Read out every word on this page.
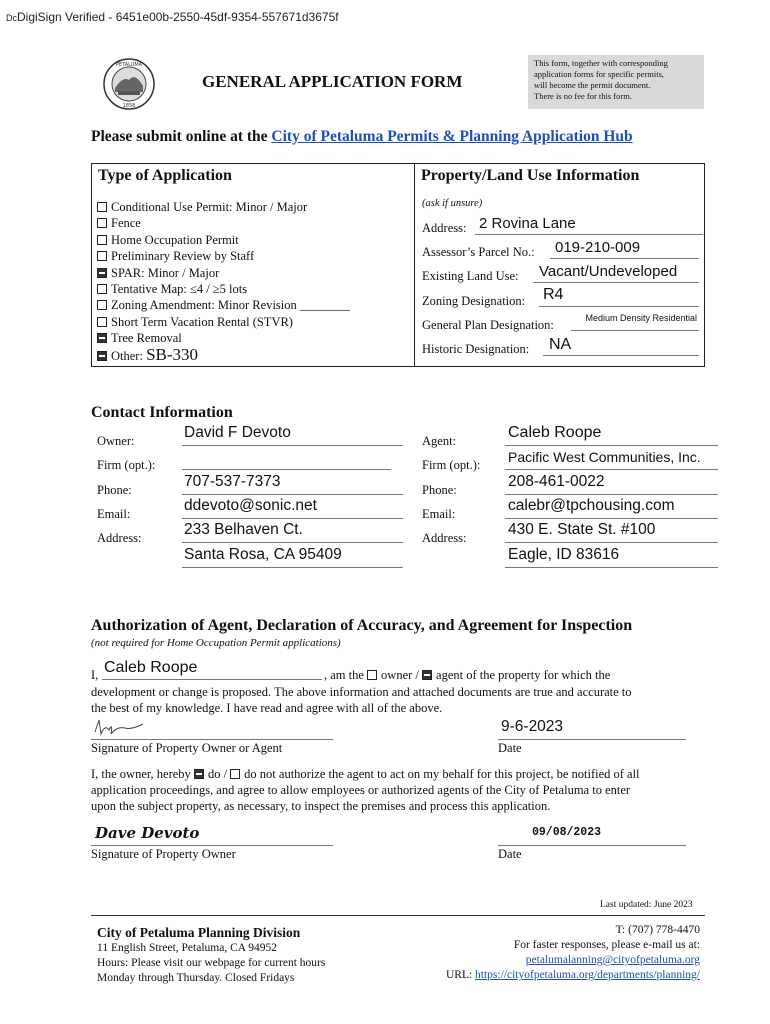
DcDigiSign Verified - 6451e00b-2550-45df-9354-557671d3675f
PETALUMA
1858
GENERAL APPLICATION FORM
This form, together with corresponding
application forms for specific permits,
will become the permit document.
There is no fee for this form.
Please submit online at the City of Petaluma Permits & Planning Application Hub
Type of Application	Property/Land Use Information
Conditional Use Permit: Minor / Major
Fence
Home Occupation Permit
Preliminary Review by Staff
SPAR: Minor / Major
Tentative Map: ≤4 / ≥5 lots
Zoning Amendment: Minor Revision ________
Short Term Vacation Rental (STVR)
Tree Removal
Other: SB-330
(ask if unsure)
Address: 2 Rovina Lane
Assessor’s Parcel No.:	019-210-009
Existing Land Use:	Vacant/Undeveloped
Zoning Designation: R4
General Plan Designation:	Medium Density Residential
Historic Designation:	NA
Contact Information
Owner:	David F Devoto
Firm (opt.):
Phone:	707-537-7373
Email:	ddevoto@sonic.net
Address:	233 Belhaven Ct.
Santa Rosa, CA 95409
Agent:	Caleb Roope
Firm (opt.): Pacific West Communities, Inc.
Phone:	208-461-0022
Email:	calebr@tpchousing.com
Address:	430 E. State St. #100
Eagle, ID 83616
Authorization of Agent, Declaration of Accuracy, and Agreement for Inspection
(not required for Home Occupation Permit applications)
I, Caleb Roope	, am the owner / agent of the property for which the
development or change is proposed. The above information and attached documents are true and accurate to
the best of my knowledge. I have read and agree with all of the above.
9-6-2023
Signature of Property Owner or Agent	Date
I, the owner, hereby do / do not authorize the agent to act on my behalf for this project, be notified of all
application proceedings, and agree to allow employees or authorized agents of the City of Petaluma to enter
upon the subject property, as necessary, to inspect the premises and process this application.
Dave Devoto	09/08/2023
Signature of Property Owner	Date
Last updated: June 2023
City of Petaluma Planning Division
11 English Street, Petaluma, CA 94952
Hours: Please visit our webpage for current hours
Monday through Thursday. Closed Fridays
T: (707) 778-4470
For faster responses, please e-mail us at:
petalumalanning@cityofpetaluma.org
URL: https://cityofpetaluma.org/departments/planning/
